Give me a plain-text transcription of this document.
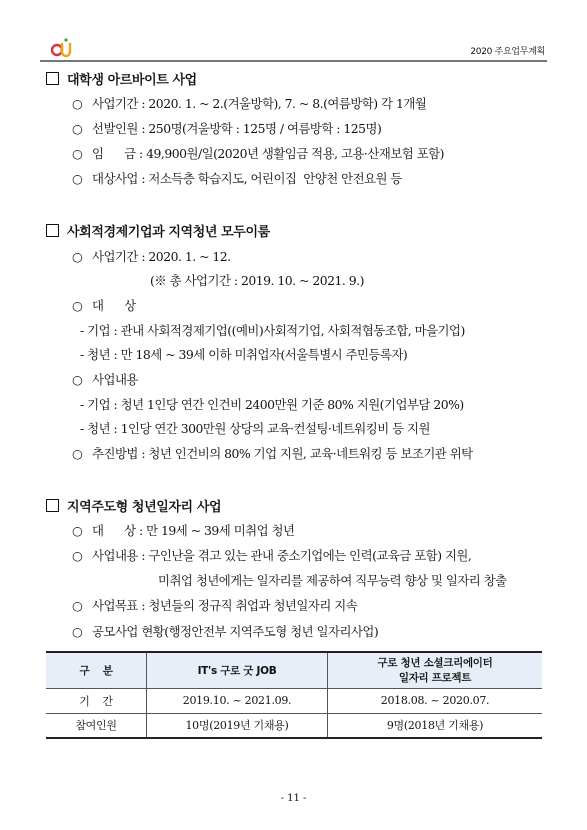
2020 주요업무계획
대학생 아르바이트 사업
○ 사업기간 : 2020. 1. ~ 2.(겨울방학), 7. ~ 8.(여름방학) 각 1개월
○ 선발인원 : 250명(겨울방학 : 125명 / 여름방학 : 125명)
○ 임      금 : 49,900원/일(2020년 생활임금 적용, 고용·산재보험 포함)
○ 대상사업 : 저소득층 학습지도, 어린이집  안양천 안전요원 등
사회적경제기업과 지역청년 모두이룸
○ 사업기간 : 2020. 1. ~ 12.
(※ 총 사업기간 : 2019. 10. ~ 2021. 9.)
○ 대      상
- 기업 : 관내 사회적경제기업((예비)사회적기업, 사회적협동조합, 마을기업)
- 청년 : 만 18세 ~ 39세 이하 미취업자(서울특별시 주민등록자)
○ 사업내용
- 기업 : 청년 1인당 연간 인건비 2400만원 기준 80% 지원(기업부담 20%)
- 청년 : 1인당 연간 300만원 상당의 교육·컨설팅·네트워킹비 등 지원
○ 추진방법 : 청년 인건비의 80% 기업 지원, 교육·네트워킹 등 보조기관 위탁
지역주도형 청년일자리 사업
○ 대      상 : 만 19세 ~ 39세 미취업 청년
○ 사업내용 : 구인난을 겪고 있는 관내 중소기업에는 인력(교육금 포함) 지원,
미취업 청년에게는 일자리를 제공하여 직무능력 향상 및 일자리 창출
○ 사업목표 : 청년들의 정규직 취업과 청년일자리 지속
○ 공모사업 현황(행정안전부 지역주도형 청년 일자리사업)
구    분	IT's 구로 굿 JOB	구로 청년 소셜크리에이터
일자리 프로젝트
기    간	2019.10. ~ 2021.09.	2018.08. ~ 2020.07.
참여인원	10명(2019년 기채용)	9명(2018년 기채용)
- 11 -
